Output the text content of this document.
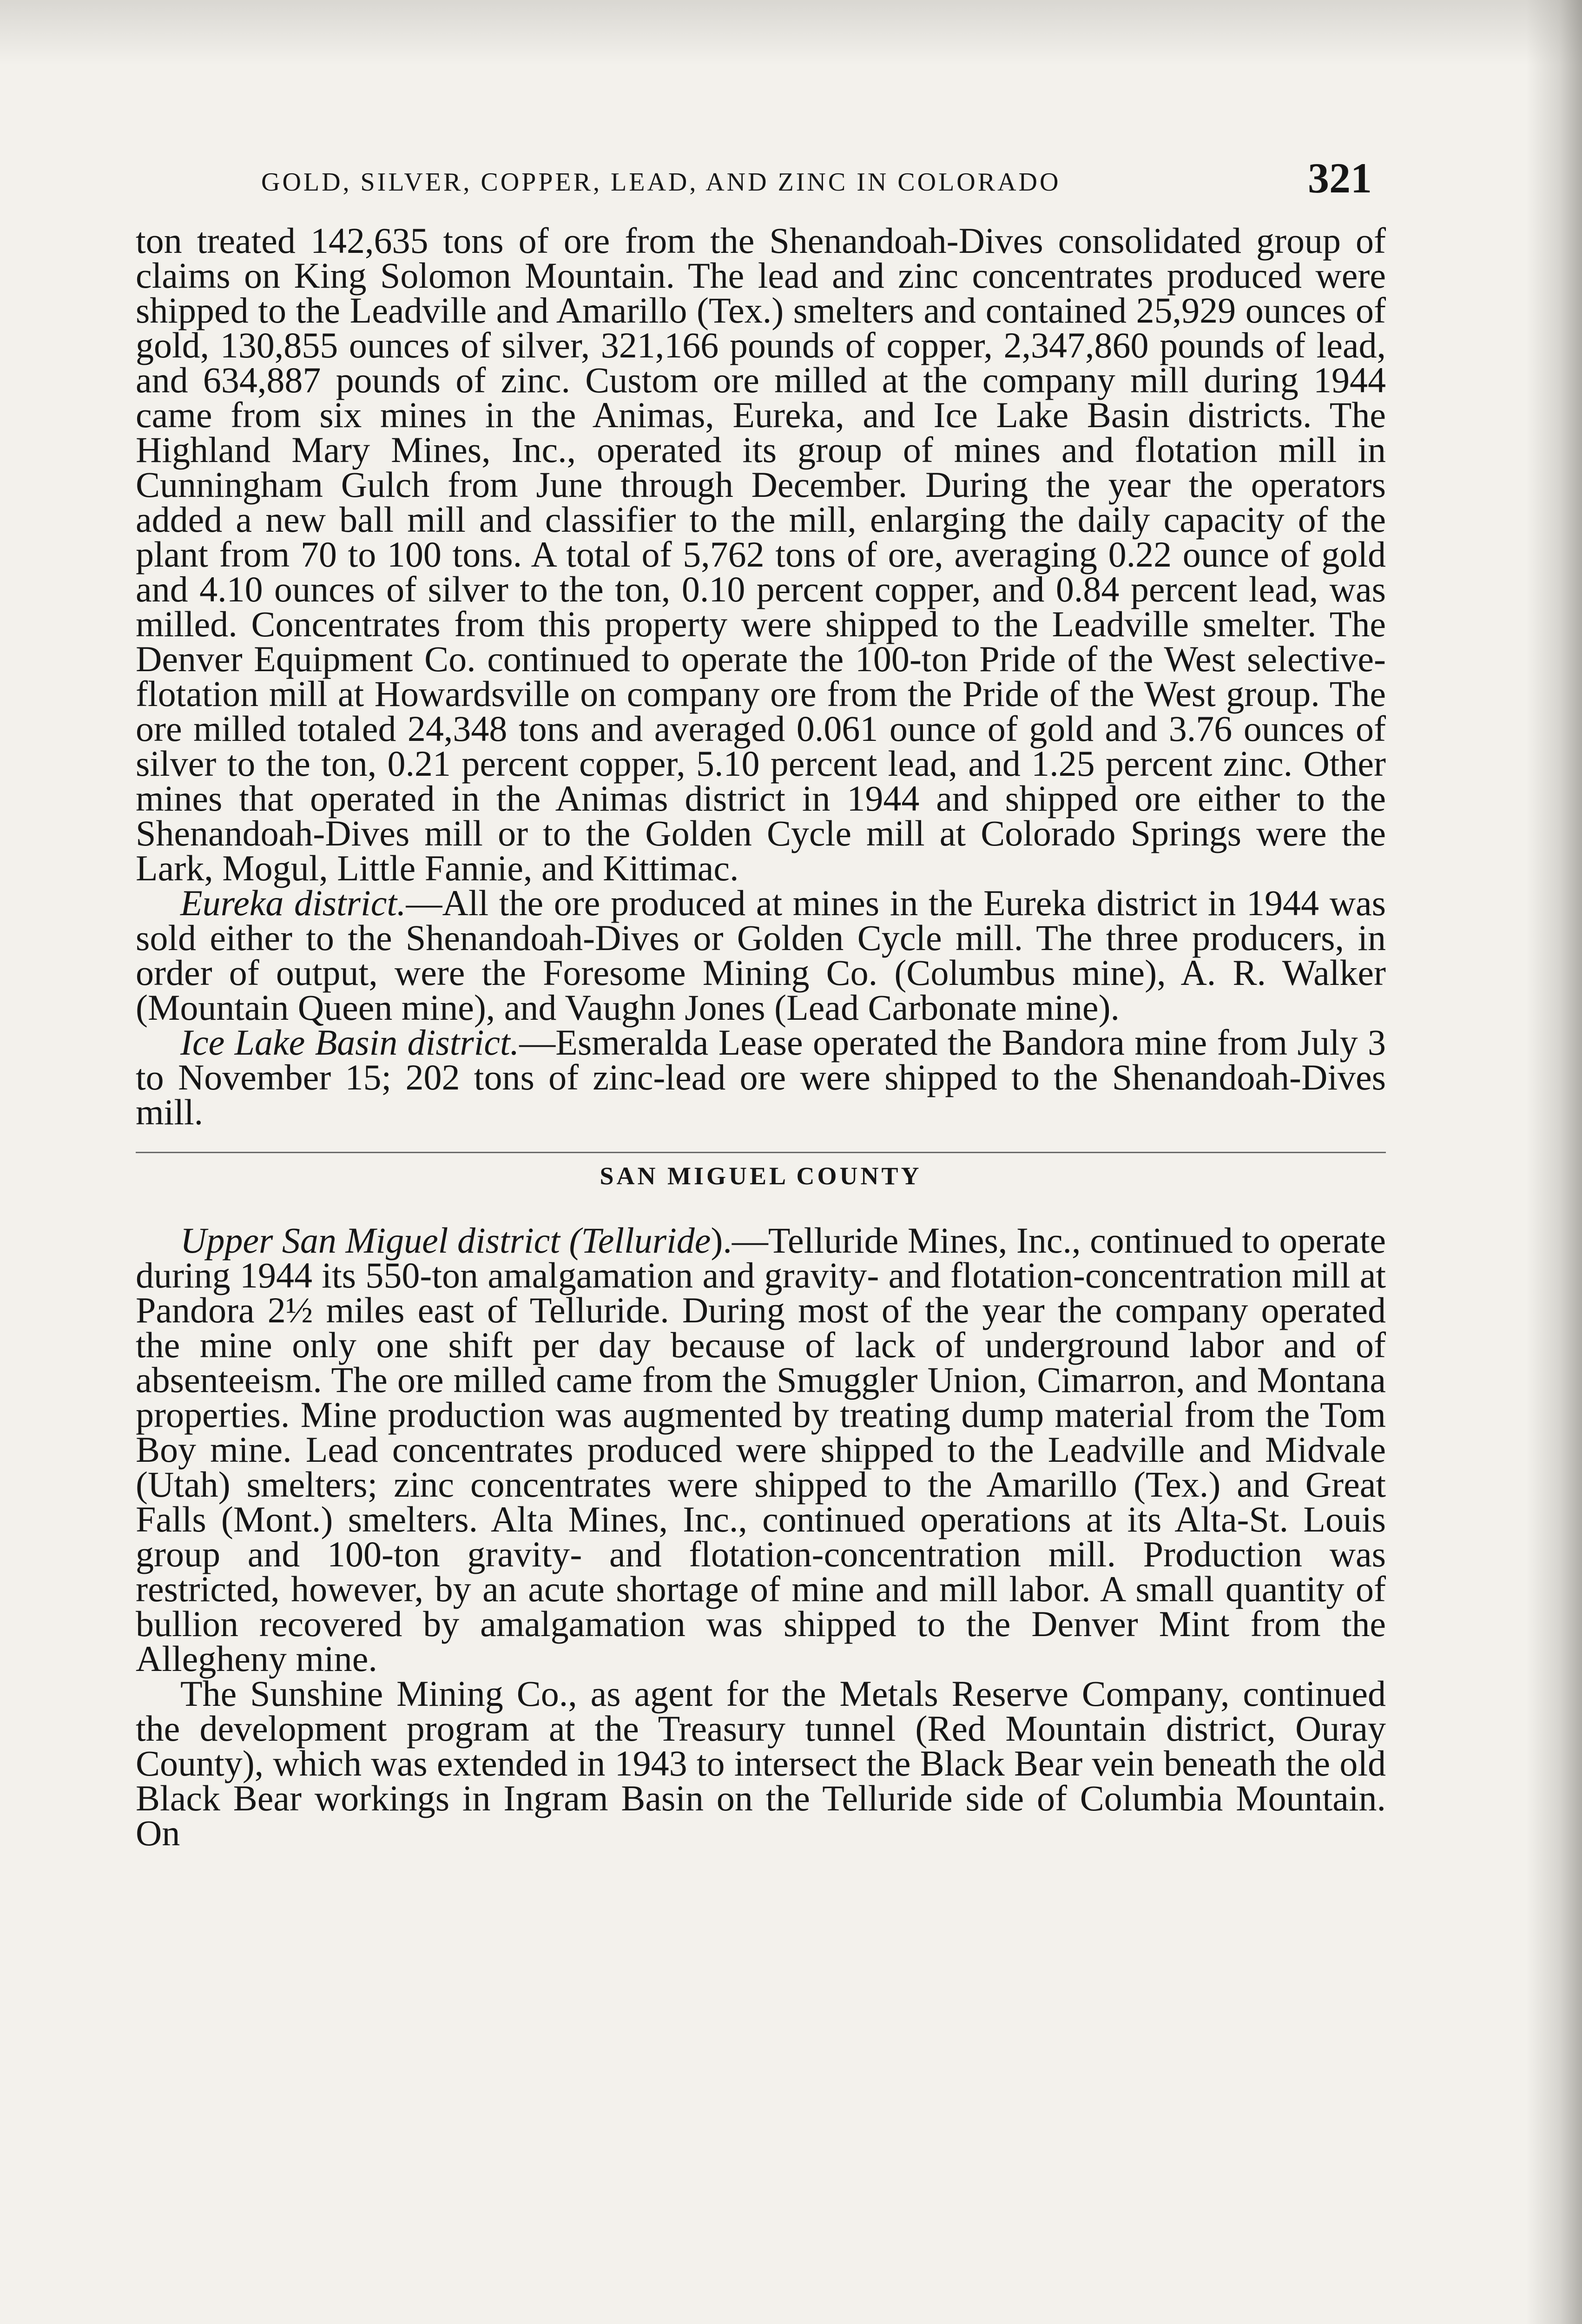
GOLD, SILVER, COPPER, LEAD, AND ZINC IN COLORADO	321

ton treated 142,635 tons of ore from the Shenandoah-Dives consolidated group of claims on King Solomon Mountain. The lead and zinc concentrates produced were shipped to the Leadville and Amarillo (Tex.) smelters and contained 25,929 ounces of gold, 130,855 ounces of silver, 321,166 pounds of copper, 2,347,860 pounds of lead, and 634,887 pounds of zinc. Custom ore milled at the company mill during 1944 came from six mines in the Animas, Eureka, and Ice Lake Basin districts. The Highland Mary Mines, Inc., operated its group of mines and flotation mill in Cunningham Gulch from June through December. During the year the operators added a new ball mill and classifier to the mill, enlarging the daily capacity of the plant from 70 to 100 tons. A total of 5,762 tons of ore, averaging 0.22 ounce of gold and 4.10 ounces of silver to the ton, 0.10 percent copper, and 0.84 percent lead, was milled. Concentrates from this property were shipped to the Leadville smelter. The Denver Equipment Co. continued to operate the 100-ton Pride of the West selective-flotation mill at Howardsville on company ore from the Pride of the West group. The ore milled totaled 24,348 tons and averaged 0.061 ounce of gold and 3.76 ounces of silver to the ton, 0.21 percent copper, 5.10 percent lead, and 1.25 percent zinc. Other mines that operated in the Animas district in 1944 and shipped ore either to the Shenandoah-Dives mill or to the Golden Cycle mill at Colorado Springs were the Lark, Mogul, Little Fannie, and Kittimac.

Eureka district.—All the ore produced at mines in the Eureka district in 1944 was sold either to the Shenandoah-Dives or Golden Cycle mill. The three producers, in order of output, were the Foresome Mining Co. (Columbus mine), A. R. Walker (Mountain Queen mine), and Vaughn Jones (Lead Carbonate mine).

Ice Lake Basin district.—Esmeralda Lease operated the Bandora mine from July 3 to November 15; 202 tons of zinc-lead ore were shipped to the Shenandoah-Dives mill.

SAN MIGUEL COUNTY

Upper San Miguel district (Telluride).—Telluride Mines, Inc., continued to operate during 1944 its 550-ton amalgamation and gravity- and flotation-concentration mill at Pandora 2½ miles east of Telluride. During most of the year the company operated the mine only one shift per day because of lack of underground labor and of absenteeism. The ore milled came from the Smuggler Union, Cimarron, and Montana properties. Mine production was augmented by treating dump material from the Tom Boy mine. Lead concentrates produced were shipped to the Leadville and Midvale (Utah) smelters; zinc concentrates were shipped to the Amarillo (Tex.) and Great Falls (Mont.) smelters. Alta Mines, Inc., continued operations at its Alta-St. Louis group and 100-ton gravity- and flotation-concentration mill. Production was restricted, however, by an acute shortage of mine and mill labor. A small quantity of bullion recovered by amalgamation was shipped to the Denver Mint from the Allegheny mine.

The Sunshine Mining Co., as agent for the Metals Reserve Company, continued the development program at the Treasury tunnel (Red Mountain district, Ouray County), which was extended in 1943 to intersect the Black Bear vein beneath the old Black Bear workings in Ingram Basin on the Telluride side of Columbia Mountain. On
